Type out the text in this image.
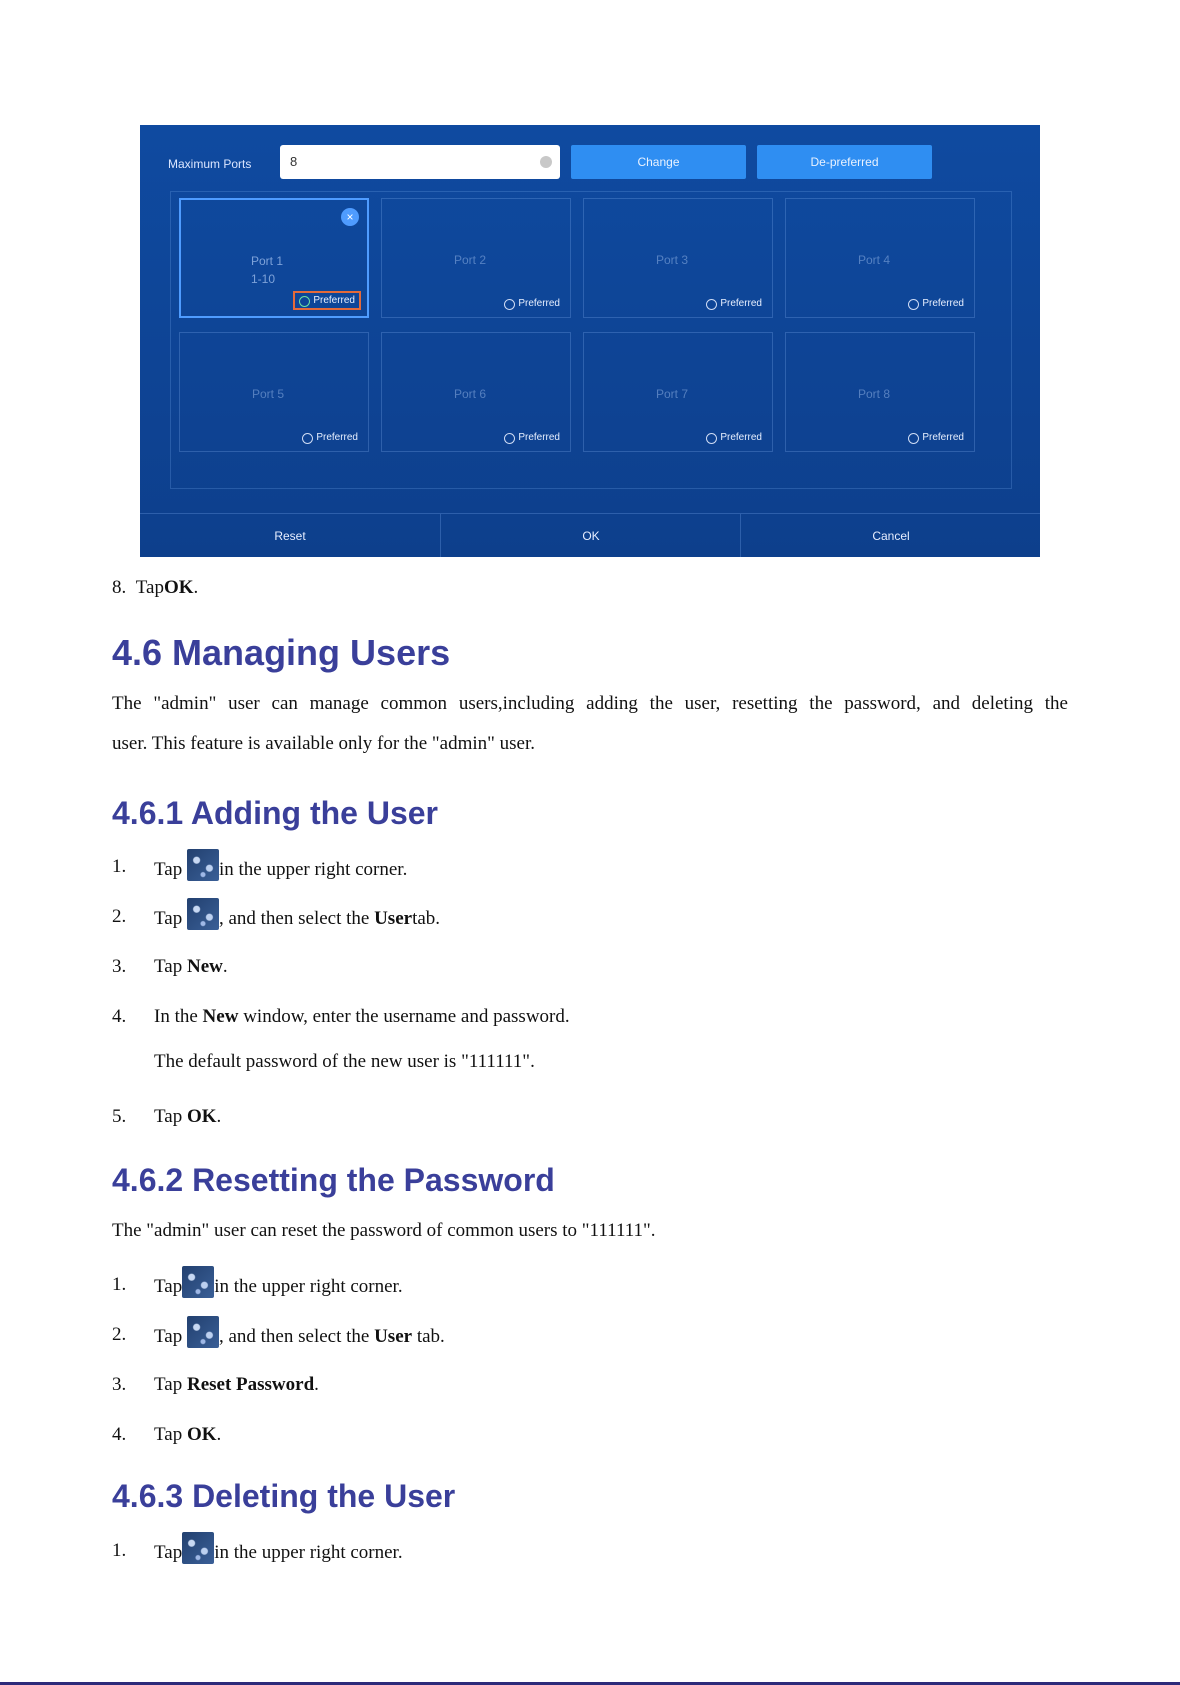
Maximum Ports	8	Change	De-preferred
×
Port 1
1-10
Preferred
Port 2
Preferred
Port 3
Preferred
Port 4
Preferred
Port 5
Preferred
Port 6
Preferred
Port 7
Preferred
Port 8
Preferred
Reset	OK	Cancel
8. TapOK.
4.6 Managing Users
The "admin" user can manage common users,including adding the user, resetting the password, and deleting the
user. This feature is available only for the "admin" user.
4.6.1 Adding the User
1. Tap in the upper right corner.
2. Tap , and then select the Usertab.
3. Tap New.
4. In the New window, enter the username and password.
The default password of the new user is "111111".
5. Tap OK.
4.6.2 Resetting the Password
The "admin" user can reset the password of common users to "111111".
1. Tap in the upper right corner.
2. Tap , and then select the User tab.
3. Tap Reset Password.
4. Tap OK.
4.6.3 Deleting the User
1. Tap in the upper right corner.
